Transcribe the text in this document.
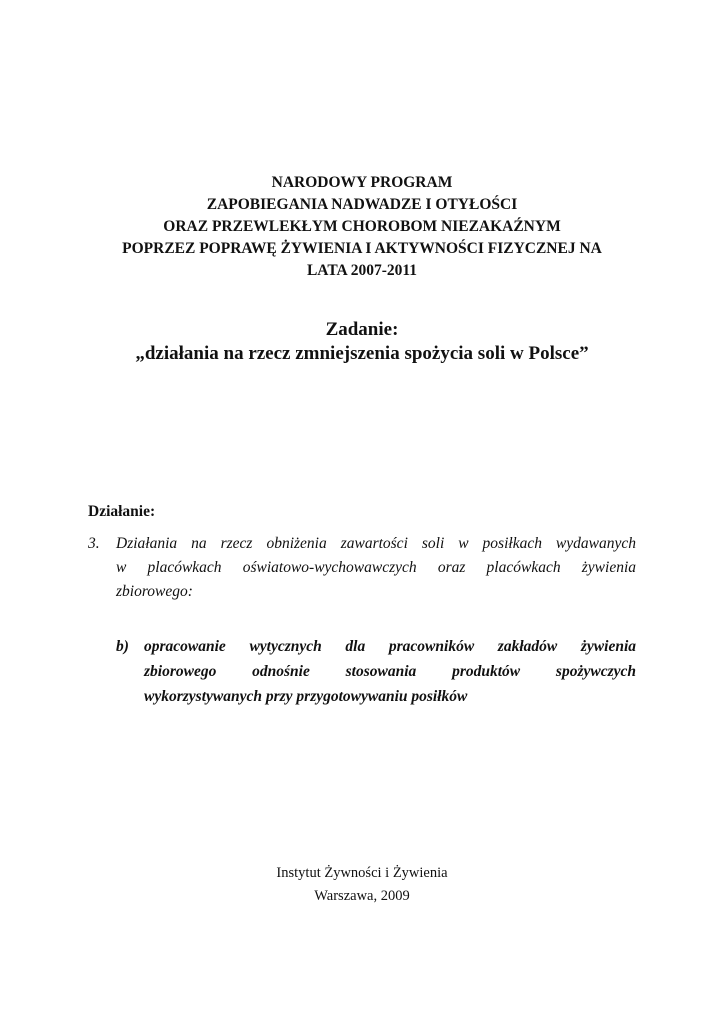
NARODOWY PROGRAM
ZAPOBIEGANIA NADWADZE I OTYŁOŚCI
ORAZ PRZEWLEKŁYM CHOROBOM NIEZAKAŹNYM
POPRZEZ POPRAWĘ ŻYWIENIA I AKTYWNOŚCI FIZYCZNEJ NA
LATA 2007-2011
Zadanie:
„działania na rzecz zmniejszenia spożycia soli w Polsce”
Działanie:
3. Działania na rzecz obniżenia zawartości soli w posiłkach wydawanych
w placówkach oświatowo-wychowawczych oraz placówkach żywienia
zbiorowego:
b) opracowanie wytycznych dla pracowników zakładów żywienia
zbiorowego odnośnie stosowania produktów spożywczych
wykorzystywanych przy przygotowywaniu posiłków
Instytut Żywności i Żywienia
Warszawa, 2009
